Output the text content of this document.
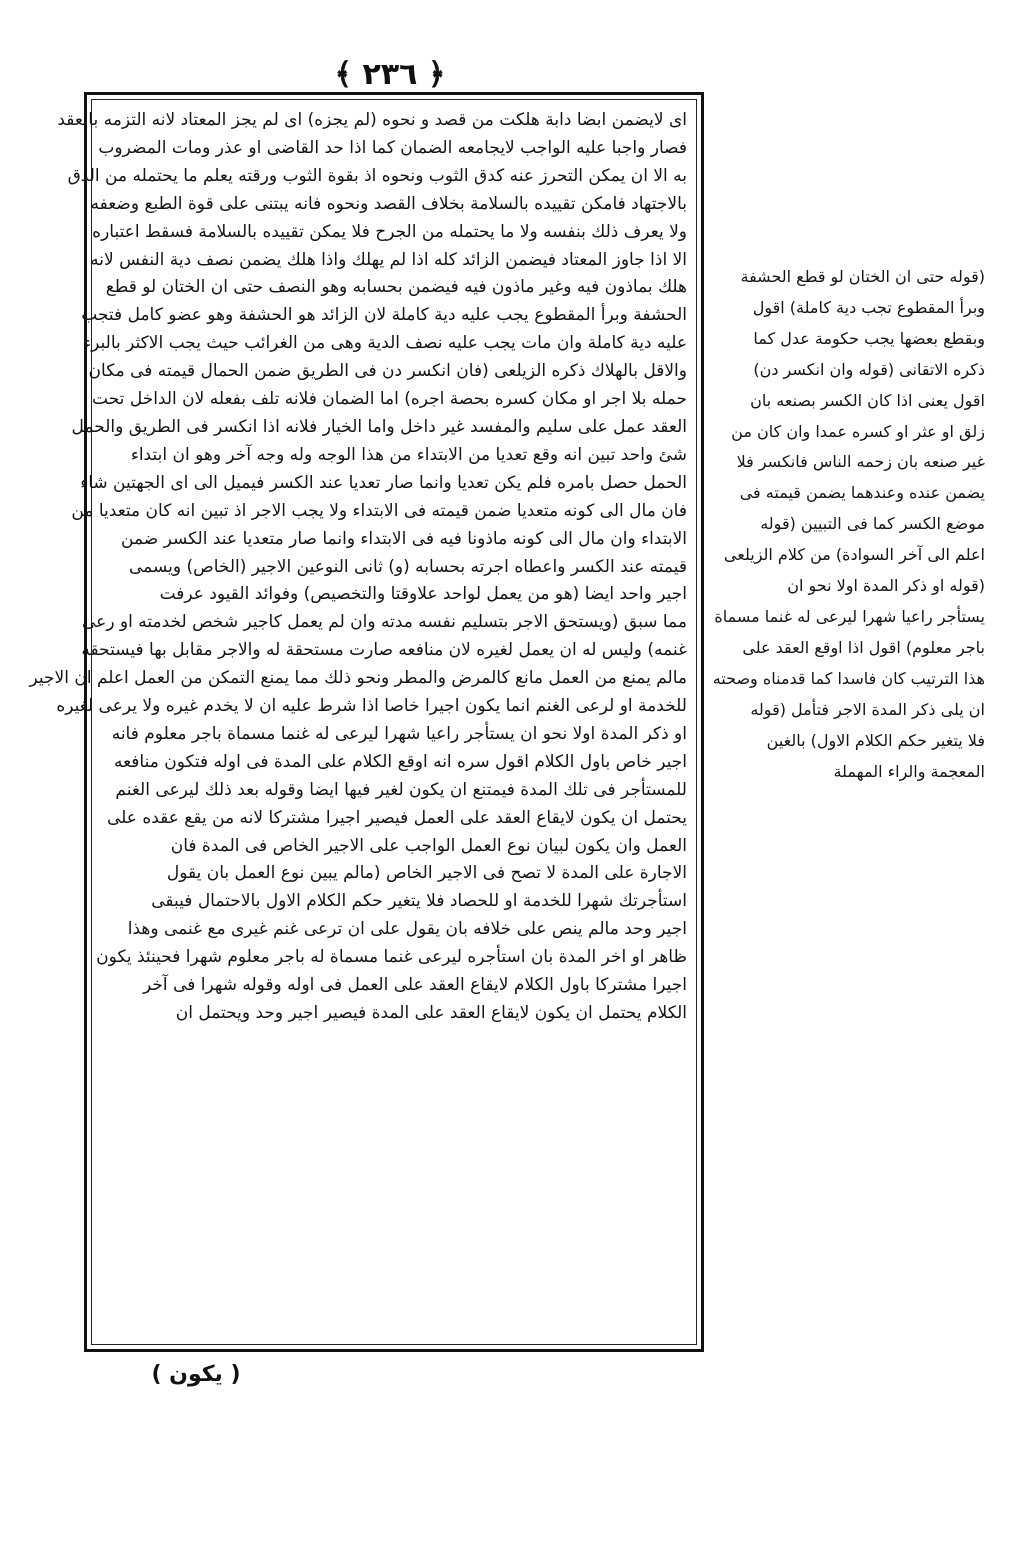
﴿ ٢٣٦ ﴾
اى لايضمن ابضا دابة هلكت من قصد و نحوه (لم يجزه) اى لم يجز المعتاد لانه التزمه بالعقد
فصار واجبا عليه الواجب لايجامعه الضمان كما اذا حد القاضى او عذر ومات المضروب
به الا ان يمكن التحرز عنه كدق الثوب ونحوه اذ بقوة الثوب ورقته يعلم ما يحتمله من الدق
بالاجتهاد فامكن تقييده بالسلامة بخلاف القصد ونحوه فانه يبتنى على قوة الطبع وضعفه
ولا يعرف ذلك بنفسه ولا ما يحتمله من الجرح فلا يمكن تقييده بالسلامة فسقط اعتباره
الا اذا جاوز المعتاد فيضمن الزائد كله اذا لم يهلك واذا هلك يضمن نصف دية النفس لانه
هلك بماذون فيه وغير ماذون فيه فيضمن بحسابه وهو النصف حتى ان الختان لو قطع
الحشفة وبرأ المقطوع يجب عليه دية كاملة لان الزائد هو الحشفة وهو عضو كامل فتجب
عليه دية كاملة وان مات يجب عليه نصف الدية وهى من الغرائب حيث يجب الاكثر بالبرء
والاقل بالهلاك ذكره الزيلعى (فان انكسر دن فى الطريق ضمن الحمال قيمته فى مكان
حمله بلا اجر او مكان كسره بحصة اجره) اما الضمان فلانه تلف بفعله لان الداخل تحت
العقد عمل على سليم والمفسد غير داخل واما الخيار فلانه اذا انكسر فى الطريق والحمل
شئ واحد تبين انه وقع تعديا من الابتداء من هذا الوجه وله وجه آخر وهو ان ابتداء
الحمل حصل بامره فلم يكن تعديا وانما صار تعديا عند الكسر فيميل الى اى الجهتين شاء
فان مال الى كونه متعديا ضمن قيمته فى الابتداء ولا يجب الاجر اذ تبين انه كان متعديا من
الابتداء وان مال الى كونه ماذونا فيه فى الابتداء وانما صار متعديا عند الكسر ضمن
قيمته عند الكسر واعطاه اجرته بحسابه (و) ثانى النوعين الاجير (الخاص) ويسمى
اجير واحد ايضا (هو من يعمل لواحد علاوقتا والتخصيص) وفوائد القيود عرفت
مما سبق (ويستحق الاجر بتسليم نفسه مدته وان لم يعمل كاجير شخص لخدمته او رعى
غنمه) وليس له ان يعمل لغيره لان منافعه صارت مستحقة له والاجر مقابل بها فيستحقه
مالم يمنع من العمل مانع كالمرض والمطر ونحو ذلك مما يمنع التمكن من العمل اعلم ان الاجير
للخدمة او لرعى الغنم انما يكون اجيرا خاصا اذا شرط عليه ان لا يخدم غيره ولا يرعى لغيره
او ذكر المدة اولا نحو ان يستأجر راعيا شهرا ليرعى له غنما مسماة باجر معلوم فانه
اجير خاص باول الكلام اقول سره انه اوقع الكلام على المدة فى اوله فتكون منافعه
للمستأجر فى تلك المدة فيمتنع ان يكون لغير فيها ايضا وقوله بعد ذلك ليرعى الغنم
يحتمل ان يكون لايقاع العقد على العمل فيصير اجيرا مشتركا لانه من يقع عقده على
العمل وان يكون لبيان نوع العمل الواجب على الاجير الخاص فى المدة فان
الاجارة على المدة لا تصح فى الاجير الخاص (مالم يبين نوع العمل بان يقول
استأجرتك شهرا للخدمة او للحصاد فلا يتغير حكم الكلام الاول بالاحتمال فيبقى
اجير وحد مالم ينص على خلافه بان يقول على ان ترعى غنم غيرى مع غنمى وهذا
ظاهر او اخر المدة بان استأجره ليرعى غنما مسماة له باجر معلوم شهرا فحينئذ يكون
اجيرا مشتركا باول الكلام لايقاع العقد على العمل فى اوله وقوله شهرا فى آخر
الكلام يحتمل ان يكون لايقاع العقد على المدة فيصير اجير وحد ويحتمل ان
(قوله حتى ان الختان لو قطع الحشفة
وبرأ المقطوع تجب دية كاملة) اقول
وبقطع بعضها يجب حكومة عدل كما
ذكره الاتقانى (قوله وان انكسر دن)
اقول يعنى اذا كان الكسر بصنعه بان
زلق او عثر او كسره عمدا وان كان من
غير صنعه بان زحمه الناس فانكسر فلا
يضمن عنده وعندهما يضمن قيمته فى
موضع الكسر كما فى التبيين (قوله
اعلم الى آخر السوادة) من كلام الزيلعى
(قوله او ذكر المدة اولا نحو ان
يستأجر راعيا شهرا ليرعى له غنما مسماة
باجر معلوم) اقول اذا اوقع العقد على
هذا الترتيب كان فاسدا كما قدمناه وصحته
ان يلى ذكر المدة الاجر فتأمل (قوله
فلا يتغير حكم الكلام الاول) بالغين
المعجمة والراء المهملة
( يكون )
